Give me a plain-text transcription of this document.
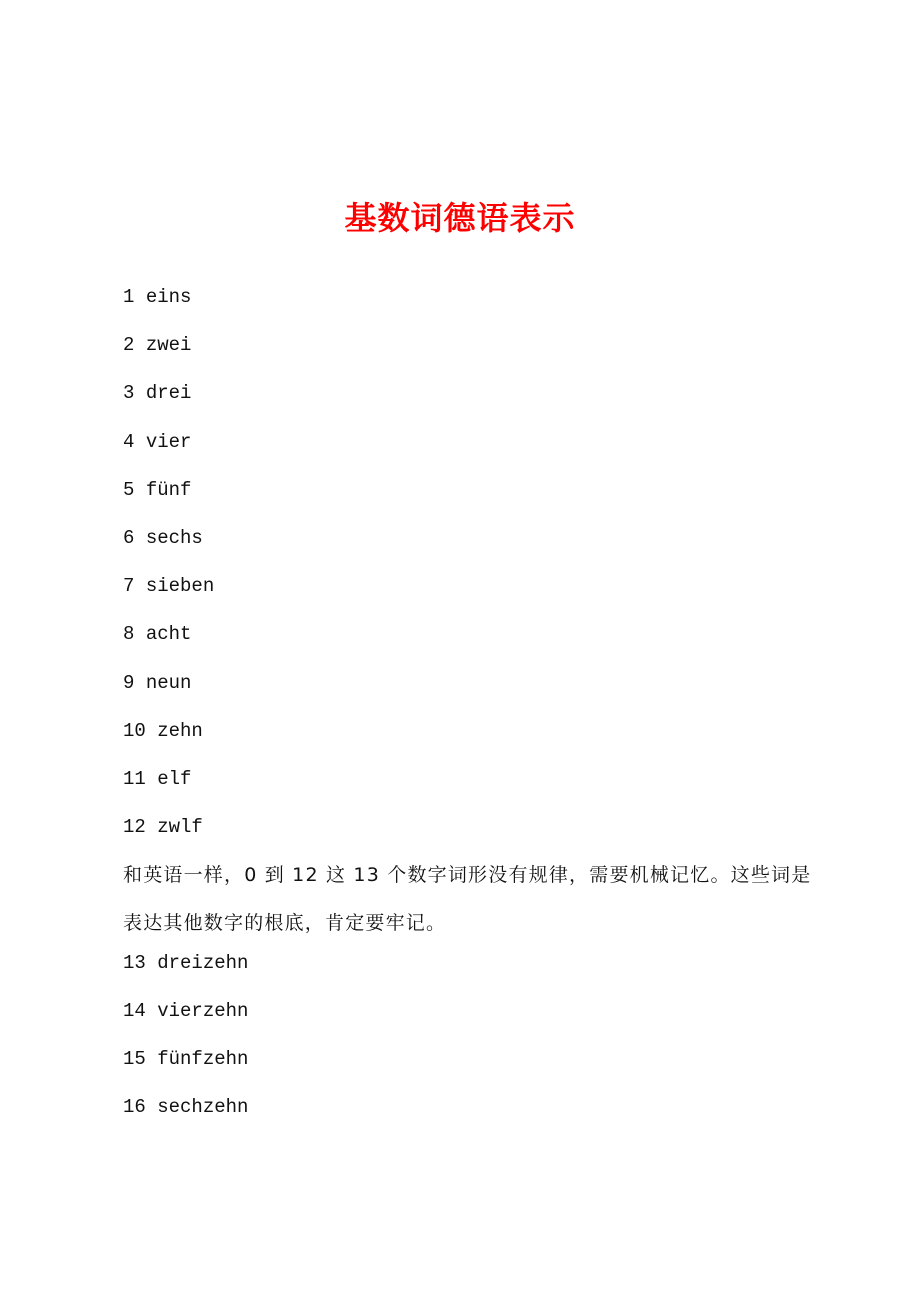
基数词德语表示
1 eins
2 zwei
3 drei
4 vier
5 fünf
6 sechs
7 sieben
8 acht
9 neun
10 zehn
11 elf
12 zwlf
和英语一样，0 到 12 这 13 个数字词形没有规律，需要机械记忆。这些词是表达其他数字的根底，肯定要牢记。
13 dreizehn
14 vierzehn
15 fünfzehn
16 sechzehn
